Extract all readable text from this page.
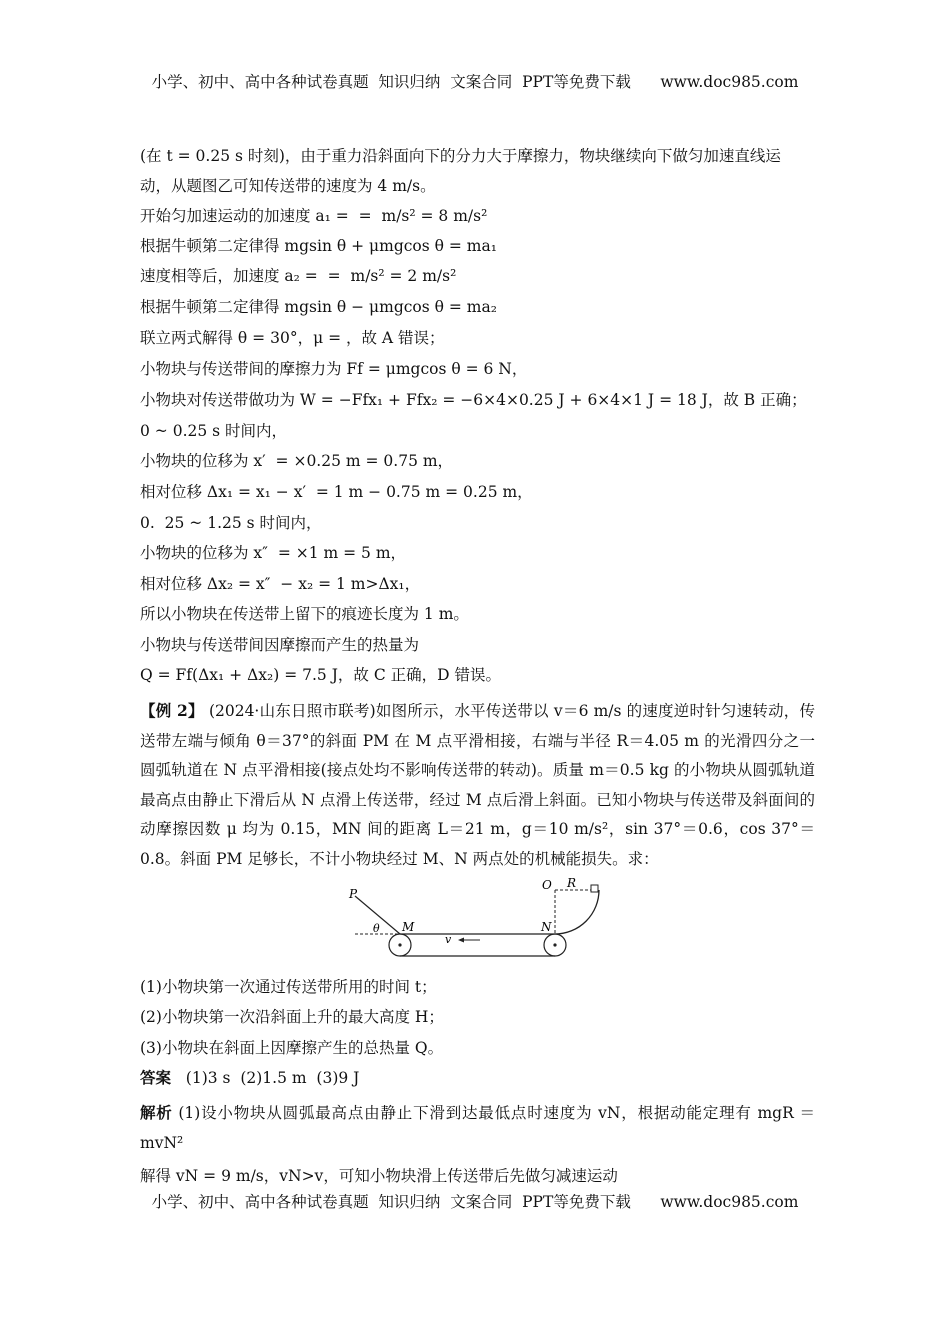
小学、初中、高中各种试卷真题  知识归纳  文案合同  PPT等免费下载      www.doc985.com
(在 t = 0.25 s 时刻)，由于重力沿斜面向下的分力大于摩擦力，物块继续向下做匀加速直线运
动，从题图乙可知传送带的速度为 4 m/s。
开始匀加速运动的加速度 a₁ =  =  m/s² = 8 m/s²
根据牛顿第二定律得 mgsin θ + μmgcos θ = ma₁
速度相等后，加速度 a₂ =  =  m/s² = 2 m/s²
根据牛顿第二定律得 mgsin θ − μmgcos θ = ma₂
联立两式解得 θ = 30°，μ = ，故 A 错误；
小物块与传送带间的摩擦力为 Ff = μmgcos θ = 6 N，
小物块对传送带做功为 W = −Ffx₁ + Ffx₂ = −6×4×0.25 J + 6×4×1 J = 18 J，故 B 正确；
0 ~ 0.25 s 时间内，
小物块的位移为 x′  = ×0.25 m = 0.75 m，
相对位移 Δx₁ = x₁ − x′  = 1 m − 0.75 m = 0.25 m，
0.  25 ~ 1.25 s 时间内，
小物块的位移为 x″  = ×1 m = 5 m，
相对位移 Δx₂ = x″  − x₂ = 1 m>Δx₁，
所以小物块在传送带上留下的痕迹长度为 1 m。
小物块与传送带间因摩擦而产生的热量为
Q = Ff(Δx₁ + Δx₂) = 7.5 J，故 C 正确，D 错误。
【例 2】 (2024·山东日照市联考)如图所示，水平传送带以 v＝6 m/s 的速度逆时针匀速转动，传送带左端与倾角 θ＝37°的斜面 PM 在 M 点平滑相接，右端与半径 R＝4.05 m 的光滑四分之一圆弧轨道在 N 点平滑相接(接点处均不影响传送带的转动)。质量 m＝0.5 kg 的小物块从圆弧轨道最高点由静止下滑后从 N 点滑上传送带，经过 M 点后滑上斜面。已知小物块与传送带及斜面间的动摩擦因数 μ 均为 0.15，MN 间的距离 L＝21 m，g＝10 m/s²，sin 37°＝0.6，cos 37°＝0.8。斜面 PM 足够长，不计小物块经过 M、N 两点处的机械能损失。求：
P
M	N
O R
θ
v
(1)小物块第一次通过传送带所用的时间 t；
(2)小物块第一次沿斜面上升的最大高度 H；
(3)小物块在斜面上因摩擦产生的总热量 Q。
答案 (1)3 s  (2)1.5 m  (3)9 J
解析 (1)设小物块从圆弧最高点由静止下滑到达最低点时速度为 vN，根据动能定理有 mgR ＝mvN²
解得 vN = 9 m/s，vN>v，可知小物块滑上传送带后先做匀减速运动
小学、初中、高中各种试卷真题  知识归纳  文案合同  PPT等免费下载      www.doc985.com
